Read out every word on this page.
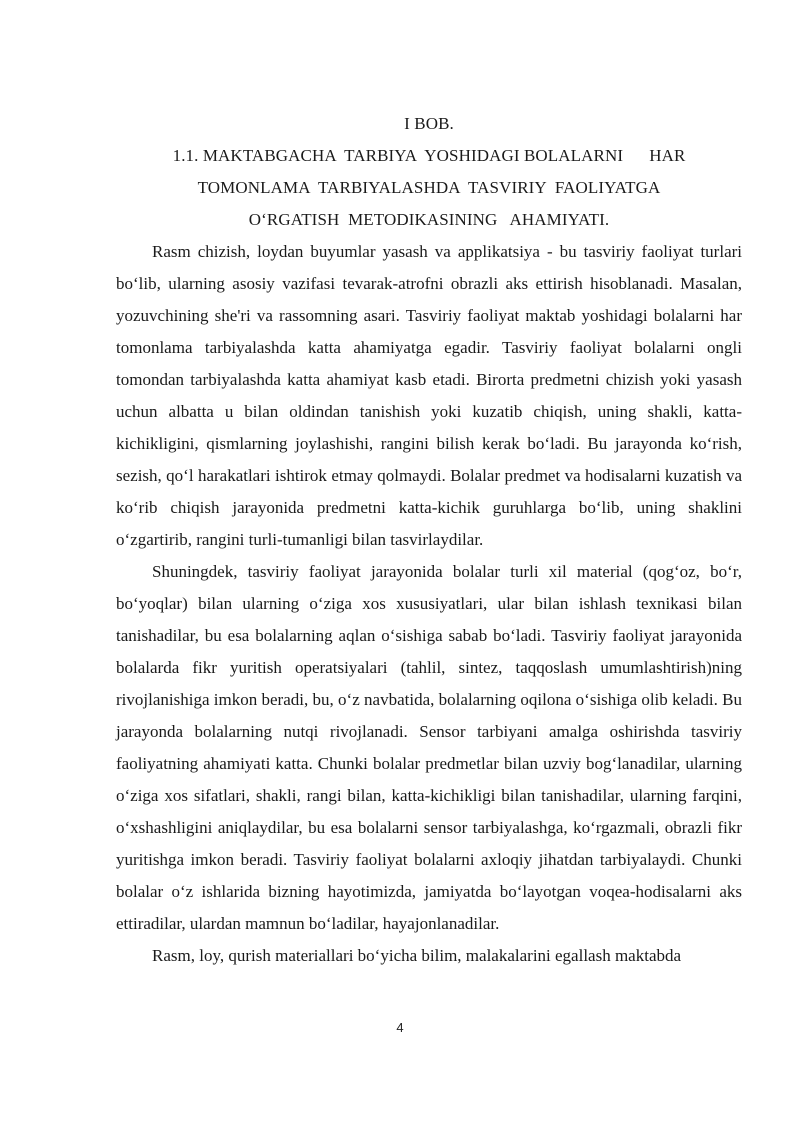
I BOB.
1.1. MAKTABGACHA  TARBIYA  YOSHIDAGI BOLALARNI      HAR
TOMONLAMA  TARBIYALASHDA  TASVIRIY  FAOLIYATGA
O‘RGATISH  METODIKASINING   AHAMIYATI.

Rasm chizish, loydan buyumlar yasash va applikatsiya - bu tasviriy faoliyat turlari bo‘lib, ularning asosiy vazifasi tevarak-atrofni obrazli aks ettirish hisoblanadi. Masalan, yozuvchining she'ri va rassomning asari. Tasviriy faoliyat maktab yoshidagi bolalarni har tomonlama tarbiyalashda katta ahamiyatga egadir. Tasviriy faoliyat bolalarni ongli tomondan tarbiyalashda katta ahamiyat kasb etadi. Birorta predmetni chizish yoki yasash uchun albatta u bilan oldindan tanishish yoki kuzatib chiqish, uning shakli, katta-kichikligini, qismlarning joylashishi, rangini bilish kerak bo‘ladi. Bu jarayonda ko‘rish, sezish, qo‘l harakatlari ishtirok etmay qolmaydi. Bolalar predmet va hodisalarni kuzatish va ko‘rib chiqish jarayonida predmetni katta-kichik guruhlarga bo‘lib, uning shaklini o‘zgartirib, rangini turli-tumanligi bilan tasvirlaydilar.

Shuningdek, tasviriy faoliyat jarayonida bolalar turli xil material (qog‘oz, bo‘r, bo‘yoqlar) bilan ularning o‘ziga xos xususiyatlari, ular bilan ishlash texnikasi bilan tanishadilar, bu esa bolalarning aqlan o‘sishiga sabab bo‘ladi. Tasviriy faoliyat jarayonida bolalarda fikr yuritish operatsiyalari (tahlil, sintez, taqqoslash umumlashtirish)ning rivojlanishiga imkon beradi, bu, o‘z navbatida, bolalarning oqilona o‘sishiga olib keladi. Bu jarayonda bolalarning nutqi rivojlanadi. Sensor tarbiyani amalga oshirishda tasviriy faoliyatning ahamiyati katta. Chunki bolalar predmetlar bilan uzviy bog‘lanadilar, ularning o‘ziga xos sifatlari, shakli, rangi bilan, katta-kichikligi bilan tanishadilar, ularning farqini, o‘xshashligini aniqlaydilar, bu esa bolalarni sensor tarbiyalashga, ko‘rgazmali, obrazli fikr yuritishga imkon beradi. Tasviriy faoliyat bolalarni axloqiy jihatdan tarbiyalaydi. Chunki bolalar o‘z ishlarida bizning hayotimizda, jamiyatda bo‘layotgan voqea-hodisalarni aks ettiradilar, ulardan mamnun bo‘ladilar, hayajonlanadilar.

Rasm, loy, qurish materiallari bo‘yicha bilim, malakalarini egallash maktabda

4
